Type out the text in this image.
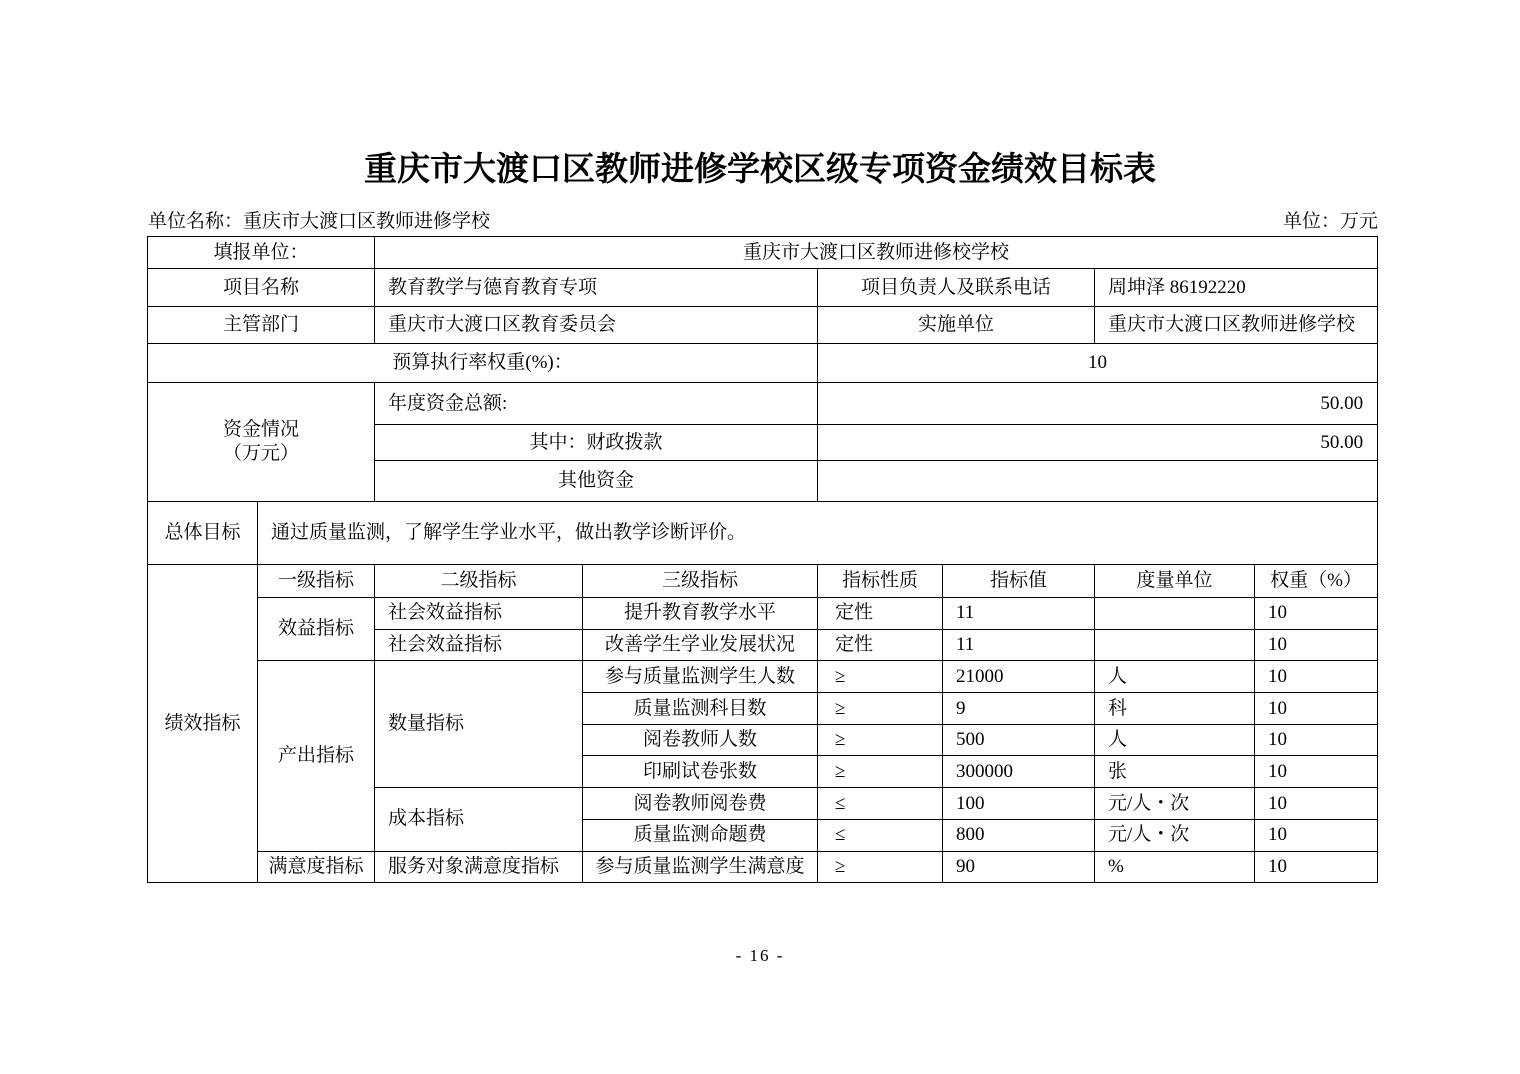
重庆市大渡口区教师进修学校区级专项资金绩效目标表
单位名称：重庆市大渡口区教师进修学校	单位：万元
填报单位：		重庆市大渡口区教师进修校学校					
项目名称		教育教学与德育教育专项		项目负责人及联系电话		周坤泽 86192220	
主管部门		重庆市大渡口区教育委员会		实施单位		重庆市大渡口区教师进修学校	
预算执行率权重(%)：				10			

资金情况
（万元）		年度资金总额:		50.00			
		其中：财政拨款		50.00			
		其他资金					
总体目标	通过质量监测，了解学生学业水平，做出教学诊断评价。						
绩效指标	一级指标	二级指标	三级指标	指标性质	指标值	度量单位	权重（%）
	效益指标	社会效益指标	提升教育教学水平	定性	11		10
		社会效益指标	改善学生学业发展状况	定性	11		10
	产出指标	数量指标	参与质量监测学生人数	≥	21000	人	10
			质量监测科目数	≥	9	科	10
			阅卷教师人数	≥	500	人	10
			印刷试卷张数	≥	300000	张	10
		成本指标	阅卷教师阅卷费	≤	100	元/人・次	10
			质量监测命题费	≤	800	元/人・次	10
	满意度指标	服务对象满意度指标	参与质量监测学生满意度	≥	90	%	10
- 16 -
